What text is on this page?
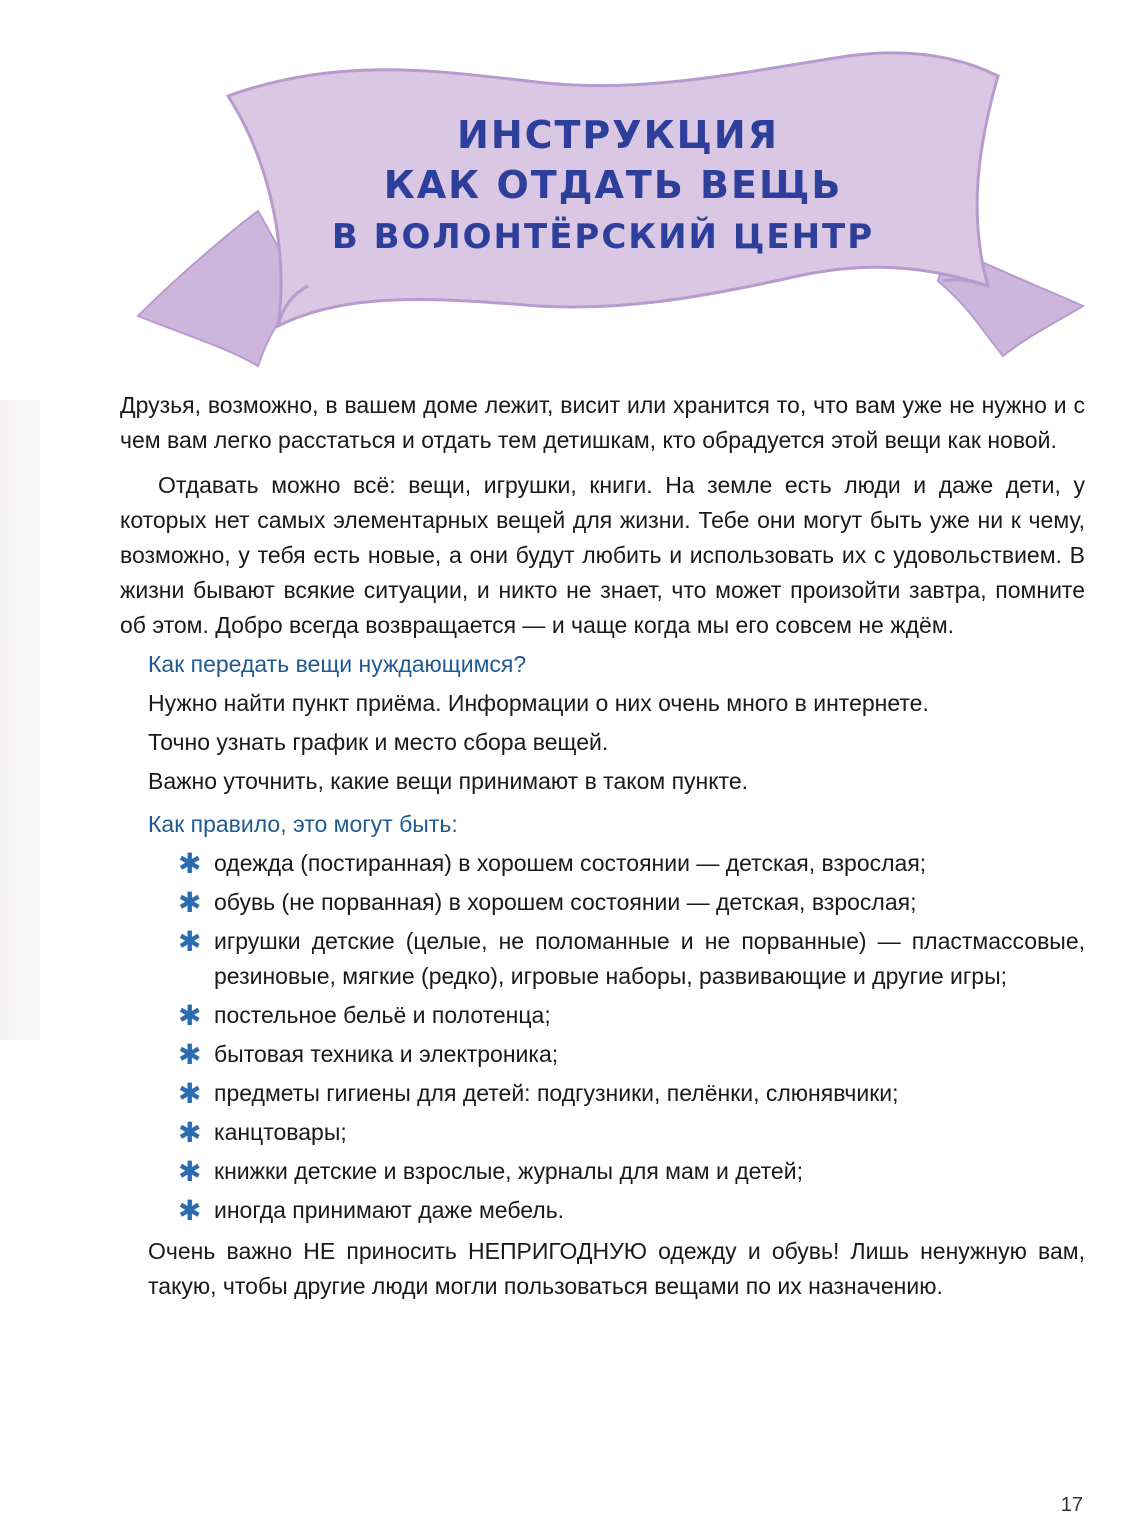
ИНСТРУКЦИЯ
КАК ОТДАТЬ ВЕЩЬ
В ВОЛОНТЁРСКИЙ ЦЕНТР

Друзья, возможно, в вашем доме лежит, висит или хранится то, что вам уже не нужно и с чем вам легко расстаться и отдать тем детишкам, кто обрадуется этой вещи как новой.

Отдавать можно всё: вещи, игрушки, книги. На земле есть люди и даже дети, у которых нет самых элементарных вещей для жизни. Тебе они могут быть уже ни к чему, возможно, у тебя есть новые, а они будут любить и использовать их с удовольствием. В жизни бывают всякие ситуации, и никто не знает, что может произойти завтра, помните об этом. Добро всегда возвращается — и чаще когда мы его совсем не ждём.

Как передать вещи нуждающимся?

Нужно найти пункт приёма. Информации о них очень много в интернете.

Точно узнать график и место сбора вещей.

Важно уточнить, какие вещи принимают в таком пункте.

Как правило, это могут быть:

✱ одежда (постиранная) в хорошем состоянии — детская, взрослая;
✱ обувь (не порванная) в хорошем состоянии — детская, взрослая;
✱ игрушки детские (целые, не поломанные и не порванные) — пластмассовые, резиновые, мягкие (редко), игровые наборы, развивающие и другие игры;
✱ постельное бельё и полотенца;
✱ бытовая техника и электроника;
✱ предметы гигиены для детей: подгузники, пелёнки, слюнявчики;
✱ канцтовары;
✱ книжки детские и взрослые, журналы для мам и детей;
✱ иногда принимают даже мебель.

Очень важно НЕ приносить НЕПРИГОДНУЮ одежду и обувь! Лишь ненужную вам, такую, чтобы другие люди могли пользоваться вещами по их назначению.

17
